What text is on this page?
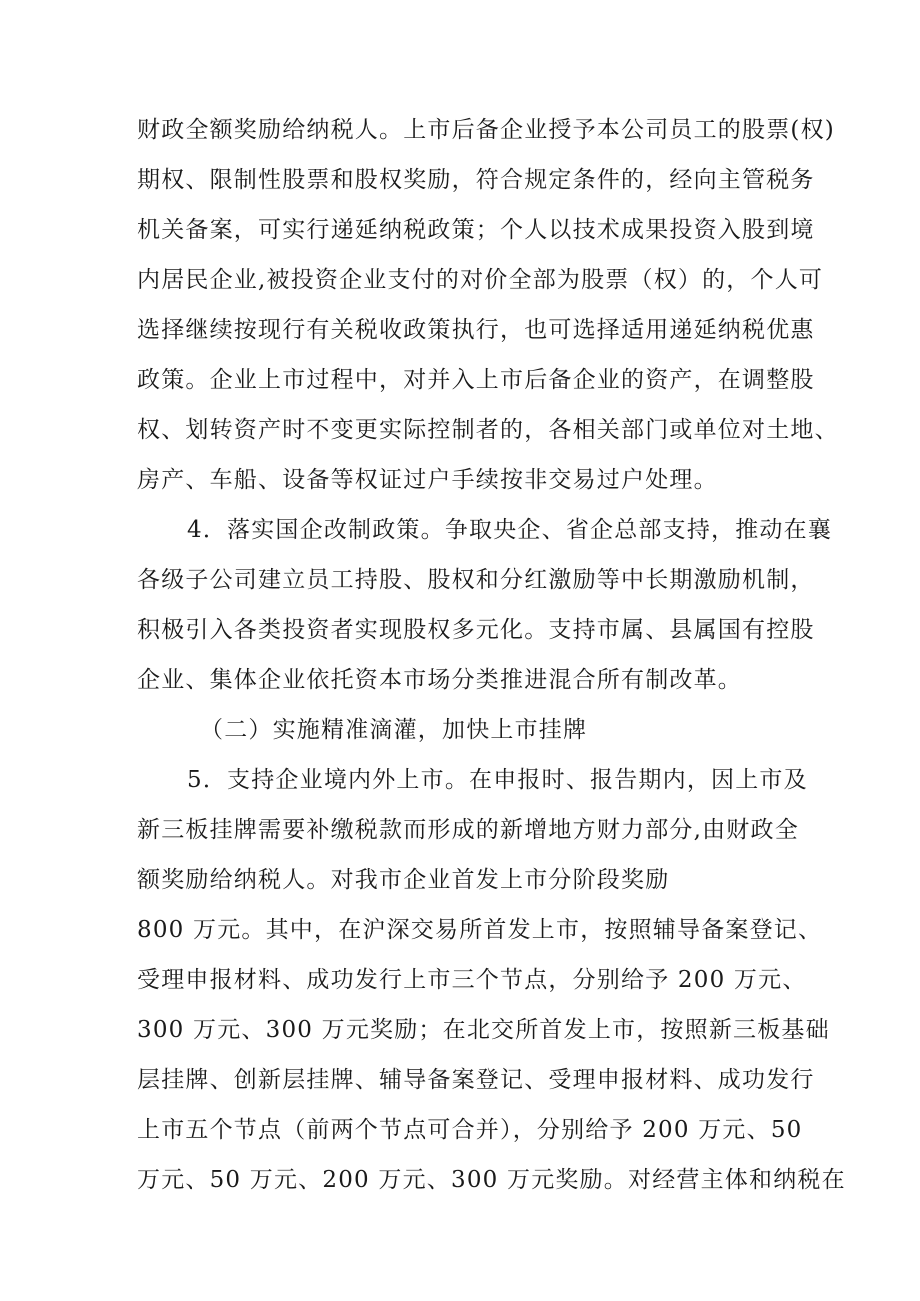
财政全额奖励给纳税人。上市后备企业授予本公司员工的股票(权)
期权、限制性股票和股权奖励，符合规定条件的，经向主管税务
机关备案，可实行递延纳税政策；个人以技术成果投资入股到境
内居民企业,被投资企业支付的对价全部为股票（权）的，个人可
选择继续按现行有关税收政策执行，也可选择适用递延纳税优惠
政策。企业上市过程中，对并入上市后备企业的资产，在调整股
权、划转资产时不变更实际控制者的，各相关部门或单位对土地、
房产、车船、设备等权证过户手续按非交易过户处理。
4．落实国企改制政策。争取央企、省企总部支持，推动在襄
各级子公司建立员工持股、股权和分红激励等中长期激励机制，
积极引入各类投资者实现股权多元化。支持市属、县属国有控股
企业、集体企业依托资本市场分类推进混合所有制改革。
（二）实施精准滴灌，加快上市挂牌
5．支持企业境内外上市。在申报时、报告期内，因上市及
新三板挂牌需要补缴税款而形成的新增地方财力部分,由财政全
额奖励给纳税人。对我市企业首发上市分阶段奖励
800 万元。其中，在沪深交易所首发上市，按照辅导备案登记、
受理申报材料、成功发行上市三个节点，分别给予 200 万元、
300 万元、300 万元奖励；在北交所首发上市，按照新三板基础
层挂牌、创新层挂牌、辅导备案登记、受理申报材料、成功发行
上市五个节点（前两个节点可合并），分别给予 200 万元、50
万元、50 万元、200 万元、300 万元奖励。对经营主体和纳税在
